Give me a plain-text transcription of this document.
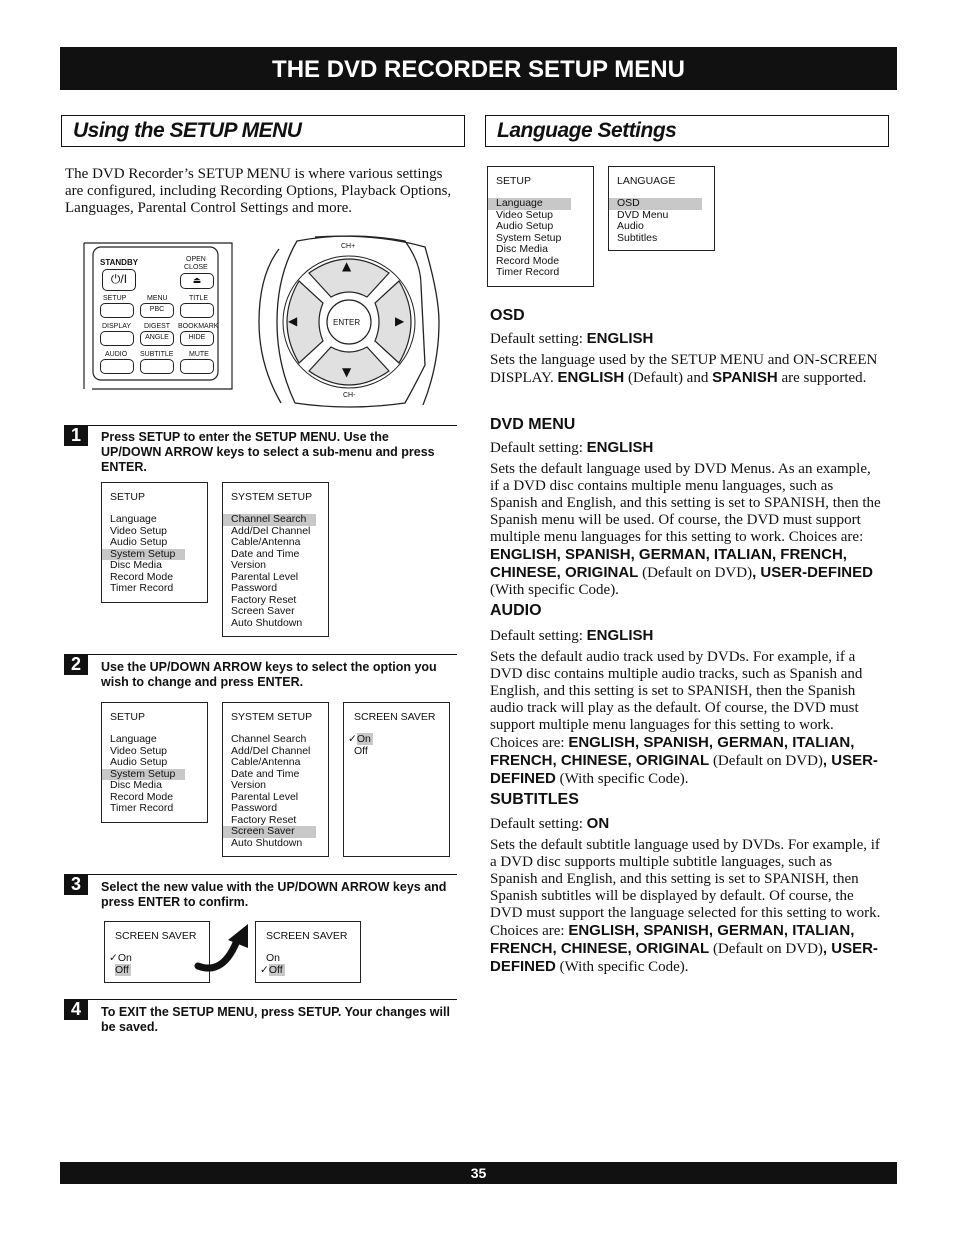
THE DVD RECORDER SETUP MENU
Using the SETUP MENU
The DVD Recorder’s SETUP MENU is where various settings are configured, including Recording Options, Playback Options, Languages, Parental Control Settings and more.
STANDBY
⏻/I
OPEN
CLOSE
⏏
SETUP	MENU	TITLE
PBC
DISPLAY DIGEST BOOKMARK
ANGLE	HIDE
AUDIO SUBTITLE MUTE
CH+
▲
▼
◀	▶
ENTER
CH-
1	Press SETUP to enter the SETUP MENU. Use the UP/DOWN ARROW keys to select a sub-menu and press ENTER.
SETUP
Language
Video Setup
Audio Setup
System Setup
Disc Media
Record Mode
Timer Record
SYSTEM SETUP
Channel Search
Add/Del Channel
Cable/Antenna
Date and Time
Version
Parental Level
Password
Factory Reset
Screen Saver
Auto Shutdown
2	Use the UP/DOWN ARROW keys to select the option you wish to change and press ENTER.
SETUP
Language
Video Setup
Audio Setup
System Setup
Disc Media
Record Mode
Timer Record
SYSTEM SETUP
Channel Search
Add/Del Channel
Cable/Antenna
Date and Time
Version
Parental Level
Password
Factory Reset
Screen Saver
Auto Shutdown
SCREEN SAVER
✓On
Off
3	Select the new value with the UP/DOWN ARROW keys and press ENTER to confirm.
SCREEN SAVER
✓On
Off
SCREEN SAVER
On
✓Off
4	To EXIT the SETUP MENU, press SETUP. Your changes will be saved.
Language Settings
SETUP
Language
Video Setup
Audio Setup
System Setup
Disc Media
Record Mode
Timer Record
LANGUAGE
OSD
DVD Menu
Audio
Subtitles
OSD
Default setting: ENGLISH
Sets the language used by the SETUP MENU and ON-SCREEN DISPLAY. ENGLISH (Default) and SPANISH are supported.
DVD MENU
Default setting: ENGLISH
Sets the default language used by DVD Menus. As an example, if a DVD disc contains multiple menu languages, such as Spanish and English, and this setting is set to SPANISH, then the Spanish menu will be used. Of course, the DVD must support multiple menu languages for this setting to work. Choices are: ENGLISH, SPANISH, GERMAN, ITALIAN, FRENCH, CHINESE, ORIGINAL (Default on DVD), USER-DEFINED (With specific Code).
AUDIO
Default setting: ENGLISH
Sets the default audio track used by DVDs. For example, if a DVD disc contains multiple audio tracks, such as Spanish and English, and this setting is set to SPANISH, then the Spanish audio track will play as the default. Of course, the DVD must support multiple menu languages for this setting to work. Choices are: ENGLISH, SPANISH, GERMAN, ITALIAN, FRENCH, CHINESE, ORIGINAL (Default on DVD), USER-DEFINED (With specific Code).
SUBTITLES
Default setting: ON
Sets the default subtitle language used by DVDs. For example, if a DVD disc supports multiple subtitle languages, such as Spanish and English, and this setting is set to SPANISH, then Spanish subtitles will be displayed by default. Of course, the DVD must support the language selected for this setting to work. Choices are: ENGLISH, SPANISH, GERMAN, ITALIAN, FRENCH, CHINESE, ORIGINAL (Default on DVD), USER-DEFINED (With specific Code).
35
